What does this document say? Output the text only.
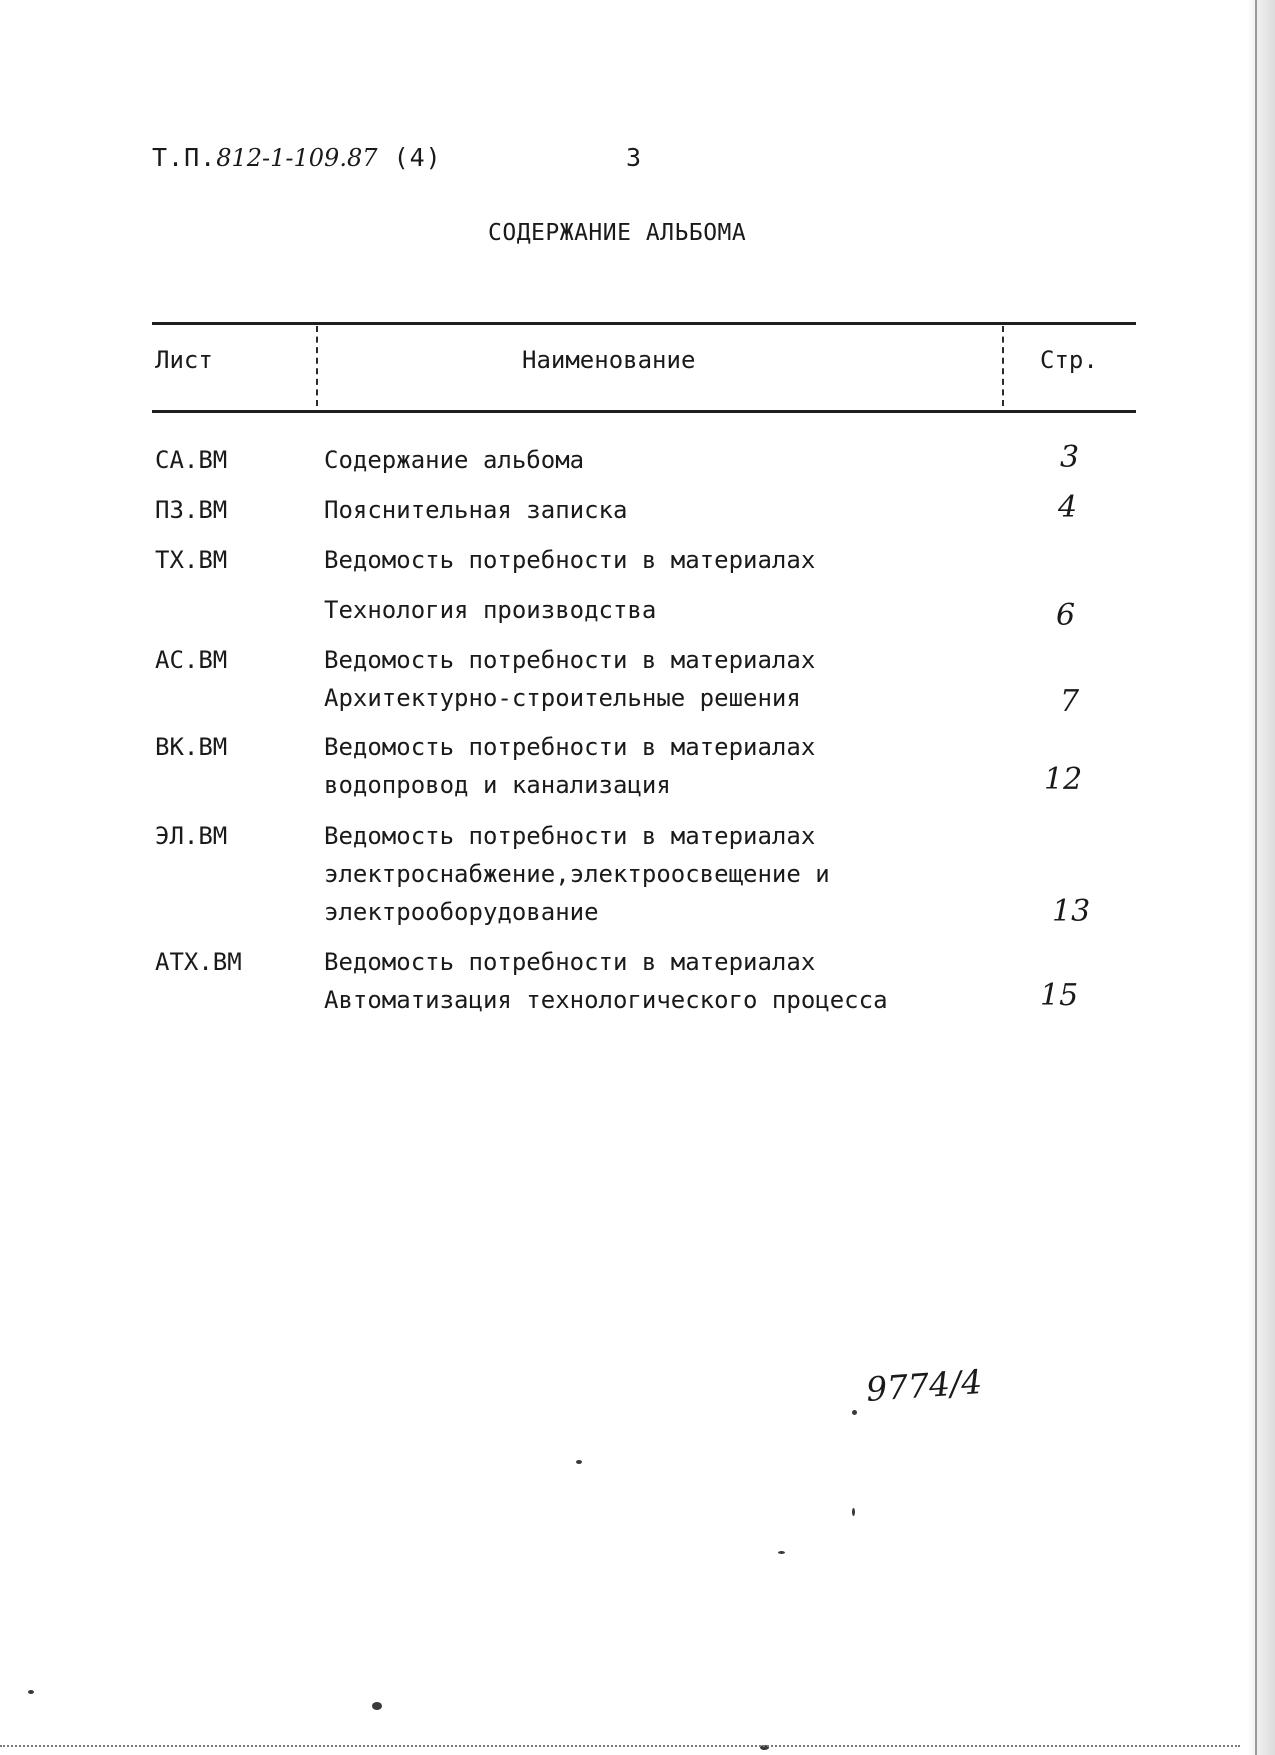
Т.П.812-1-109.87 (4)	3
СОДЕРЖАНИЕ АЛЬБОМА
Лист	Наименование	Стр.
СА.ВМ	Содержание альбома	3
ПЗ.ВМ	Пояснительная записка	4
ТХ.ВМ	Ведомость потребности в материалах
Технология производства	6
АС.ВМ	Ведомость потребности в материалах
Архитектурно-строительные решения	7
ВК.ВМ	Ведомость потребности в материалах
водопровод и канализация	12
ЭЛ.ВМ	Ведомость потребности в материалах
электроснабжение,электроосвещение и
электрооборудование	13
АТХ.ВМ	Ведомость потребности в материалах
Автоматизация технологического процесса	15
9774/4
